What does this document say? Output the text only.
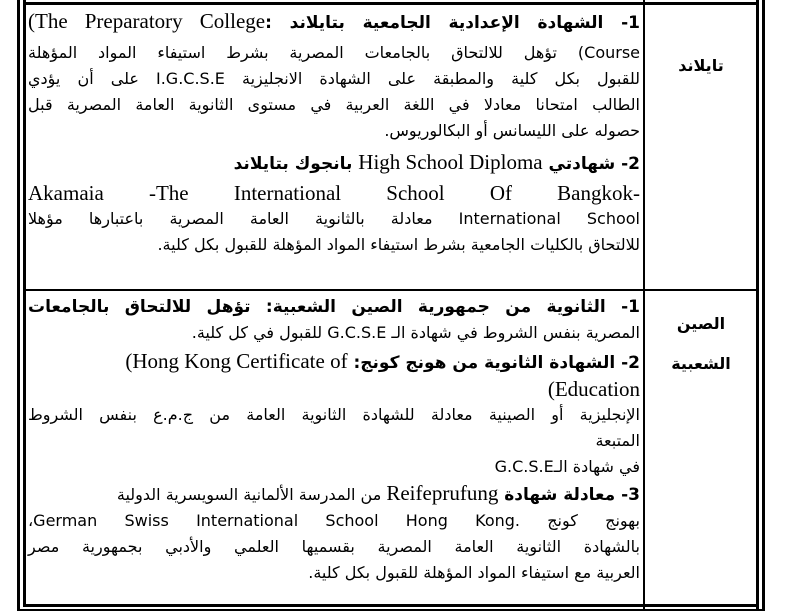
تايلاند
1- الشهادة الإعدادية الجامعية بتايلاند :(The Preparatory College
Course) تؤهل للالتحاق بالجامعات المصرية بشرط استيفاء المواد المؤهلة
للقبول بكل كلية والمطبقة على الشهادة الانجليزية I.G.C.S.E على أن يؤدي
الطالب امتحانا معادلا في اللغة العربية في مستوى الثانوية العامة المصرية قبل
حصوله على الليسانس أو البكالوريوس.
2- شهادتي High School Diploma بانجوك بتايلاند
-Akamaia -The International School Of Bangkok
International School معادلة بالثانوية العامة المصرية باعتبارها مؤهلا
للالتحاق بالكليات الجامعية بشرط استيفاء المواد المؤهلة للقبول بكل كلية.
الصين
الشعبية
1- الثانوية من جمهورية الصين الشعبية: تؤهل للالتحاق بالجامعات
المصرية بنفس الشروط في شهادة الـ G.C.S.E للقبول في كل كلية.
2- الشهادة الثانوية من هونج كونج: (Hong Kong Certificate of
Education)
الإنجليزية أو الصينية معادلة للشهادة الثانوية العامة من ج.م.ع بنفس الشروط
المتبعة
في شهادة الـG.C.S.E
3- معادلة شهادة Reifeprufung من المدرسة الألمانية السويسرية الدولية
بهونج كونج .German Swiss International School Hong Kong،
بالشهادة الثانوية العامة المصرية بقسميها العلمي والأدبي بجمهورية مصر
العربية مع استيفاء المواد المؤهلة للقبول بكل كلية.
